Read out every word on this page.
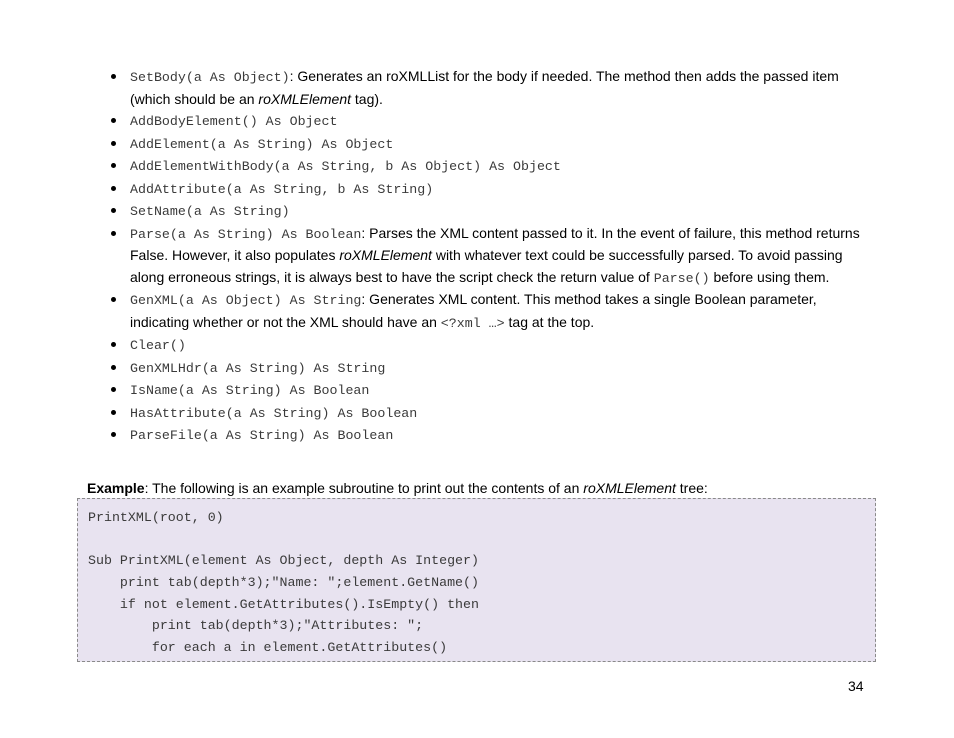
SetBody(a As Object): Generates an roXMLList for the body if needed. The method then adds the passed item (which should be an roXMLElement tag).
AddBodyElement() As Object
AddElement(a As String) As Object
AddElementWithBody(a As String, b As Object) As Object
AddAttribute(a As String, b As String)
SetName(a As String)
Parse(a As String) As Boolean: Parses the XML content passed to it. In the event of failure, this method returns False. However, it also populates roXMLElement with whatever text could be successfully parsed. To avoid passing along erroneous strings, it is always best to have the script check the return value of Parse() before using them.
GenXML(a As Object) As String: Generates XML content. This method takes a single Boolean parameter, indicating whether or not the XML should have an <?xml …> tag at the top.
Clear()
GenXMLHdr(a As String) As String
IsName(a As String) As Boolean
HasAttribute(a As String) As Boolean
ParseFile(a As String) As Boolean
Example: The following is an example subroutine to print out the contents of an roXMLElement tree:
PrintXML(root, 0)
Sub PrintXML(element As Object, depth As Integer)
print tab(depth*3);"Name: ";element.GetName()
if not element.GetAttributes().IsEmpty() then
print tab(depth*3);"Attributes: ";
for each a in element.GetAttributes()
34
